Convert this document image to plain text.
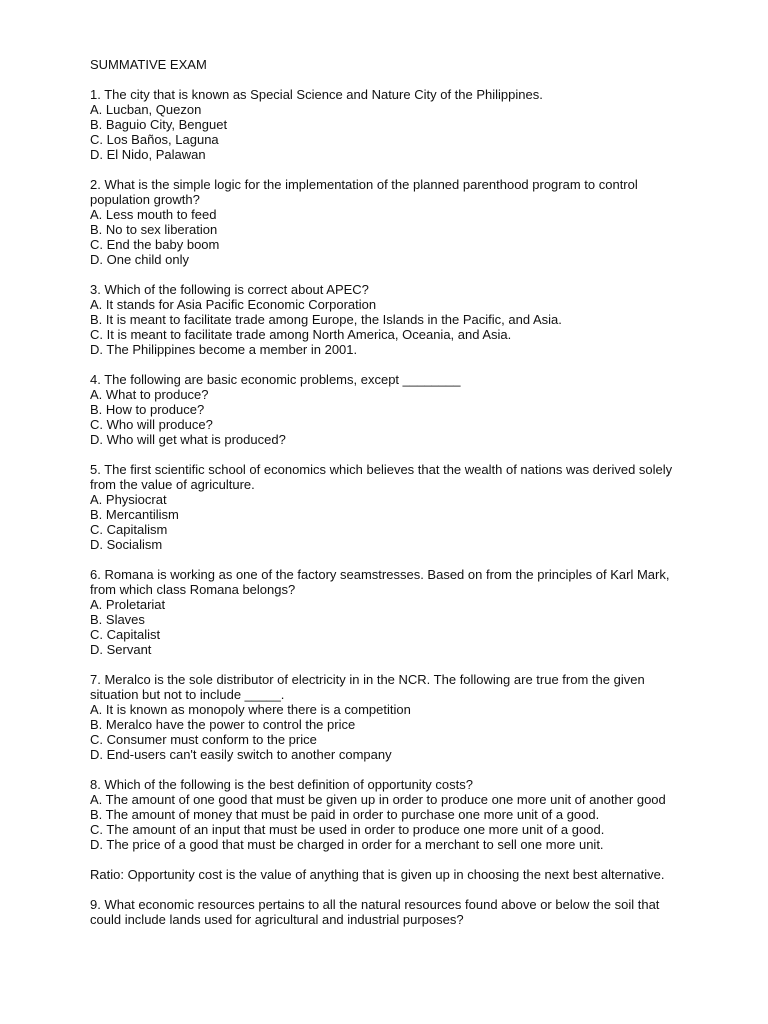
SUMMATIVE EXAM
1. The city that is known as Special Science and Nature City of the Philippines.
A. Lucban, Quezon
B. Baguio City, Benguet
C. Los Baños, Laguna
D. El Nido, Palawan
2. What is the simple logic for the implementation of the planned parenthood program to control population growth?
A. Less mouth to feed
B. No to sex liberation
C. End the baby boom
D. One child only
3. Which of the following is correct about APEC?
A. It stands for Asia Pacific Economic Corporation
B. It is meant to facilitate trade among Europe, the Islands in the Pacific, and Asia.
C. It is meant to facilitate trade among North America, Oceania, and Asia.
D. The Philippines become a member in 2001.
4. The following are basic economic problems, except ________
A. What to produce?
B. How to produce?
C. Who will produce?
D. Who will get what is produced?
5. The first scientific school of economics which believes that the wealth of nations was derived solely from the value of agriculture.
A. Physiocrat
B. Mercantilism
C. Capitalism
D. Socialism
6. Romana is working as one of the factory seamstresses. Based on from the principles of Karl Mark, from which class Romana belongs?
A. Proletariat
B. Slaves
C. Capitalist
D. Servant
7. Meralco is the sole distributor of electricity in in the NCR. The following are true from the given situation but not to include _____.
A. It is known as monopoly where there is a competition
B. Meralco have the power to control the price
C. Consumer must conform to the price
D. End-users can't easily switch to another company
8. Which of the following is the best definition of opportunity costs?
A. The amount of one good that must be given up in order to produce one more unit of another good
B. The amount of money that must be paid in order to purchase one more unit of a good.
C. The amount of an input that must be used in order to produce one more unit of a good.
D. The price of a good that must be charged in order for a merchant to sell one more unit.
Ratio: Opportunity cost is the value of anything that is given up in choosing the next best alternative.
9. What economic resources pertains to all the natural resources found above or below the soil that could include lands used for agricultural and industrial purposes?
